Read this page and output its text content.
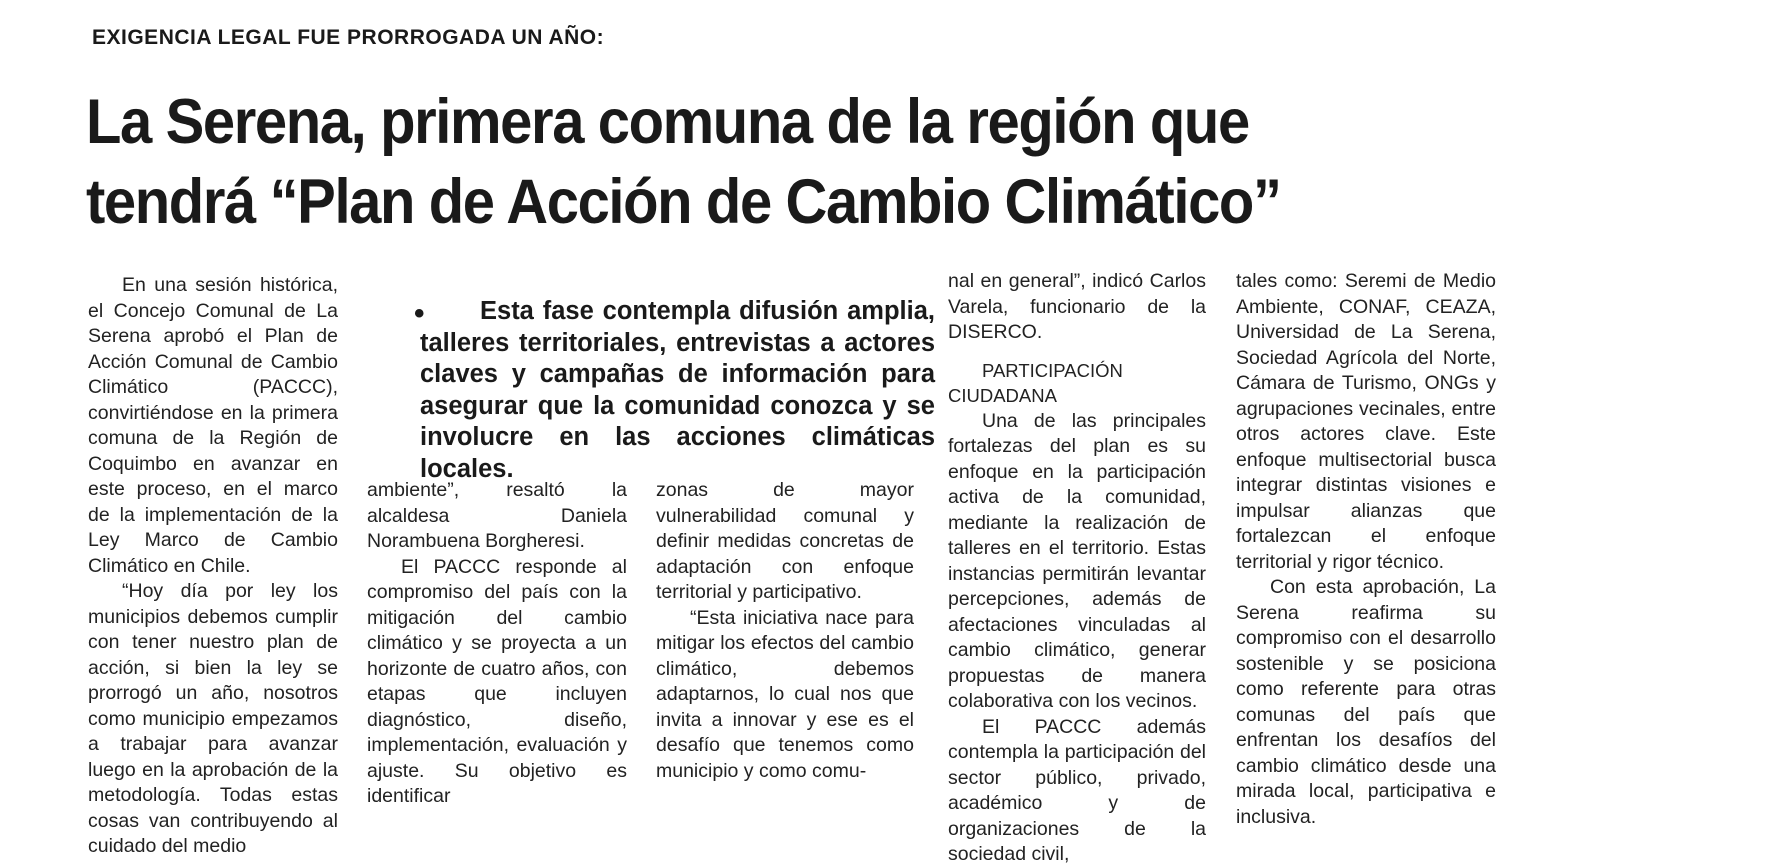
EXIGENCIA LEGAL FUE PRORROGADA UN AÑO:
La Serena, primera comuna de la región que
tendrá “Plan de Acción de Cambio Climático”

En una sesión histórica, el Concejo Comunal de La Serena aprobó el Plan de Acción Comunal de Cambio Climático (PACCC), convirtiéndose en la primera comuna de la Región de Coquimbo en avanzar en este proceso, en el marco de la implementación de la Ley Marco de Cambio Climático en Chile.

“Hoy día por ley los municipios debemos cumplir con tener nuestro plan de acción, si bien la ley se prorrogó un año, nosotros como municipio empezamos a trabajar para avanzar luego en la aprobación de la metodología. Todas estas cosas van contribuyendo al cuidado del medio

•	Esta fase contempla difusión amplia, talleres territoriales, entrevistas a actores claves y campañas de información para asegurar que la comunidad conozca y se involucre en las acciones climáticas locales.

ambiente”, resaltó la alcaldesa Daniela Norambuena Borgheresi.

El PACCC responde al compromiso del país con la mitigación del cambio climático y se proyecta a un horizonte de cuatro años, con etapas que incluyen diagnóstico, diseño, implementación, evaluación y ajuste. Su objetivo es identificar

zonas de mayor vulnerabilidad comunal y definir medidas concretas de adaptación con enfoque territorial y participativo.

“Esta iniciativa nace para mitigar los efectos del cambio climático, debemos adaptarnos, lo cual nos que invita a innovar y ese es el desafío que tenemos como municipio y como comu-

nal en general”, indicó Carlos Varela, funcionario de la DISERCO.

PARTICIPACIÓN CIUDADANA

Una de las principales fortalezas del plan es su enfoque en la participación activa de la comunidad, mediante la realización de talleres en el territorio. Estas instancias permitirán levantar percepciones, además de afectaciones vinculadas al cambio climático, generar propuestas de manera colaborativa con los vecinos.

El PACCC además contempla la participación del sector público, privado, académico y de organizaciones de la sociedad civil,

tales como: Seremi de Medio Ambiente, CONAF, CEAZA, Universidad de La Serena, Sociedad Agrícola del Norte, Cámara de Turismo, ONGs y agrupaciones vecinales, entre otros actores clave. Este enfoque multisectorial busca integrar distintas visiones e impulsar alianzas que fortalezcan el enfoque territorial y rigor técnico.

Con esta aprobación, La Serena reafirma su compromiso con el desarrollo sostenible y se posiciona como referente para otras comunas del país que enfrentan los desafíos del cambio climático desde una mirada local, participativa e inclusiva.
